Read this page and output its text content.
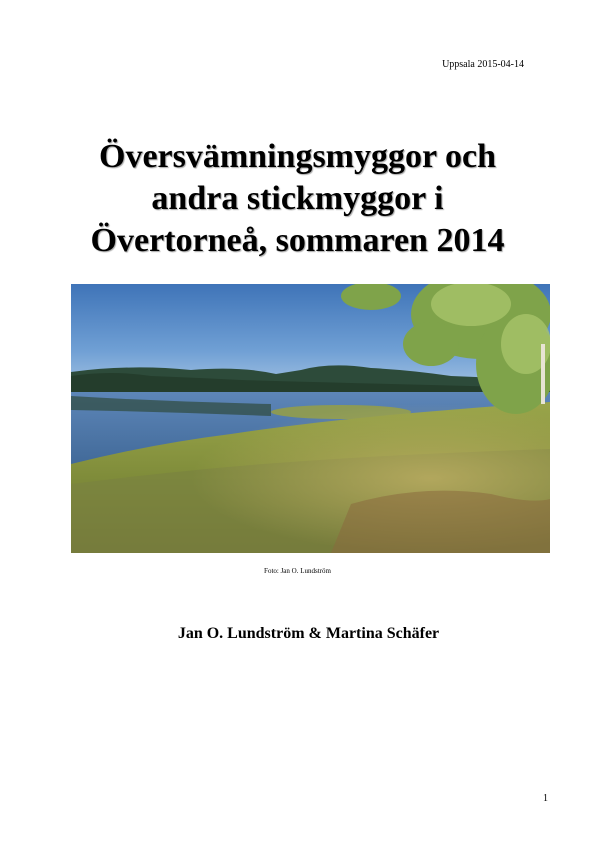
Uppsala 2015-04-14
Översvämningsmyggor och
andra stickmyggor i
Övertorneå, sommaren 2014
Foto: Jan O. Lundström
Jan O. Lundström & Martina Schäfer
1
